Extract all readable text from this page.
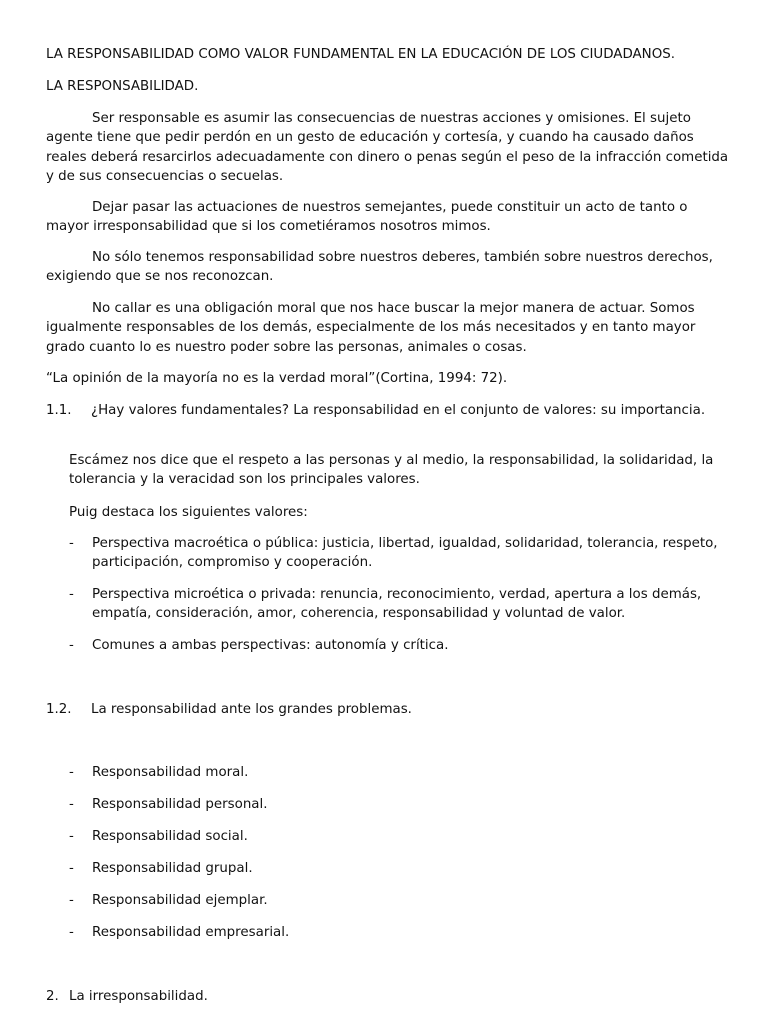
LA RESPONSABILIDAD COMO VALOR FUNDAMENTAL EN LA EDUCACIÓN DE LOS CIUDADANOS.

LA RESPONSABILIDAD.

Ser responsable es asumir las consecuencias de nuestras acciones y omisiones. El sujeto agente tiene que pedir perdón en un gesto de educación y cortesía, y cuando ha causado daños reales deberá resarcirlos adecuadamente con dinero o penas según el peso de la infracción cometida y de sus consecuencias o secuelas.

Dejar pasar las actuaciones de nuestros semejantes, puede constituir un acto de tanto o mayor irresponsabilidad que si los cometiéramos nosotros mimos.

No sólo tenemos responsabilidad sobre nuestros deberes, también sobre nuestros derechos, exigiendo que se nos reconozcan.

No callar es una obligación moral que nos hace buscar la mejor manera de actuar. Somos igualmente responsables de los demás, especialmente de los más necesitados y en tanto mayor grado cuanto lo es nuestro poder sobre las personas, animales o cosas.

“La opinión de la mayoría no es la verdad moral”(Cortina, 1994: 72).

1.1. ¿Hay valores fundamentales? La responsabilidad en el conjunto de valores: su importancia.

Escámez nos dice que el respeto a las personas y al medio, la responsabilidad, la solidaridad, la tolerancia y la veracidad son los principales valores.

Puig destaca los siguientes valores:

- Perspectiva macroética o pública: justicia, libertad, igualdad, solidaridad, tolerancia, respeto, participación, compromiso y cooperación.
- Perspectiva microética o privada: renuncia, reconocimiento, verdad, apertura a los demás, empatía, consideración, amor, coherencia, responsabilidad y voluntad de valor.
- Comunes a ambas perspectivas: autonomía y crítica.

1.2. La responsabilidad ante los grandes problemas.

- Responsabilidad moral.
- Responsabilidad personal.
- Responsabilidad social.
- Responsabilidad grupal.
- Responsabilidad ejemplar.
- Responsabilidad empresarial.

2. La irresponsabilidad.
